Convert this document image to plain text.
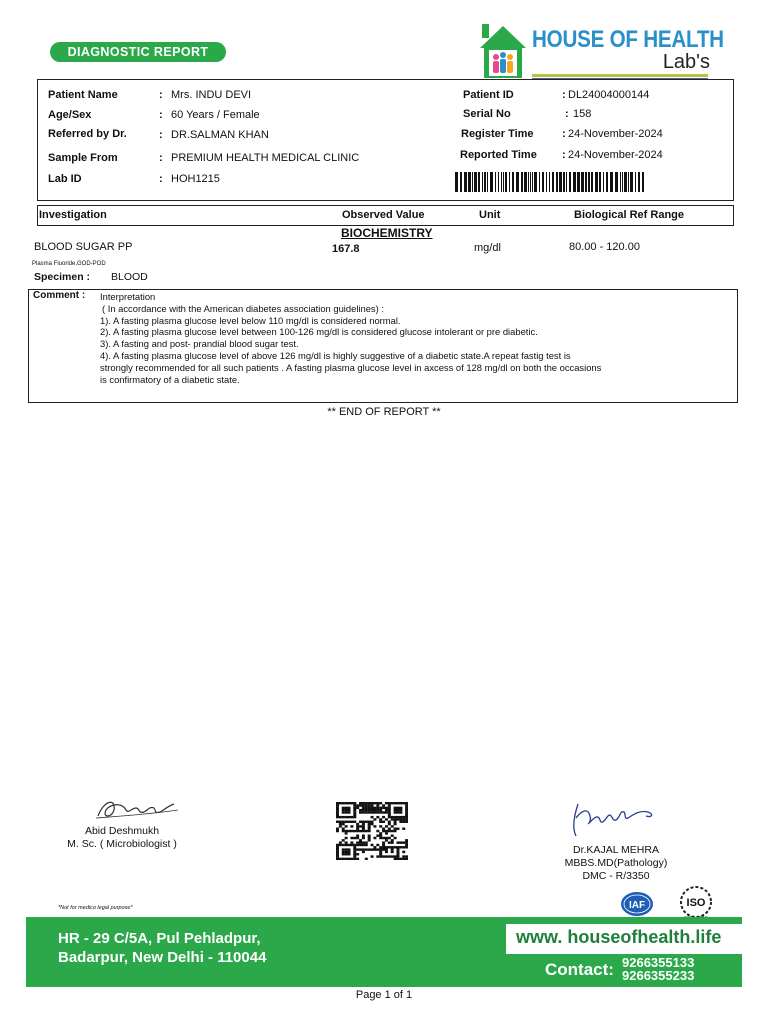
DIAGNOSTIC REPORT	HOUSE OF HEALTH
Lab's
Patient Name	: Mrs. INDU DEVI
Age/Sex	: 60 Years / Female
Referred by Dr.	: DR.SALMAN KHAN
Sample From	: PREMIUM HEALTH MEDICAL CLINIC
Lab ID	: HOH1215
Patient ID	: DL24004000144
Serial No	: 158
Register Time	: 24-November-2024
Reported Time : 24-November-2024
Investigation	Observed Value	Unit	Biological Ref Range
BIOCHEMISTRY
BLOOD SUGAR PP	167.8	mg/dl	80.00 - 120.00
Plasma Fluoride,GOD-POD
Specimen : BLOOD
Comment : Interpretation
( In accordance with the American diabetes association guidelines) :
1). A fasting plasma glucose level below 110 mg/dl is considered normal.
2). A fasting plasma glucose level between 100-126 mg/dl is considered glucose intolerant or pre diabetic.
3). A fasting and post- prandial blood sugar test.
4). A fasting plasma glucose level of above 126 mg/dl is highly suggestive of a diabetic state.A repeat fastig test is
strongly recommended for all such patients . A fasting plasma glucose level in axcess of 128 mg/dl on both the occasions
is confirmatory of a diabetic state.
** END OF REPORT **
Abid Deshmukh
M. Sc. ( Microbiologist )	Dr.KAJAL MEHRA
MBBS.MD(Pathology)
DMC - R/3350
*Not for medico legal purpose*	IAF	ISO
HR - 29 C/5A, Pul Pehladpur,
Badarpur, New Delhi - 110044
www. houseofhealth.life
Contact: 9266355133
9266355233
Page 1 of 1
